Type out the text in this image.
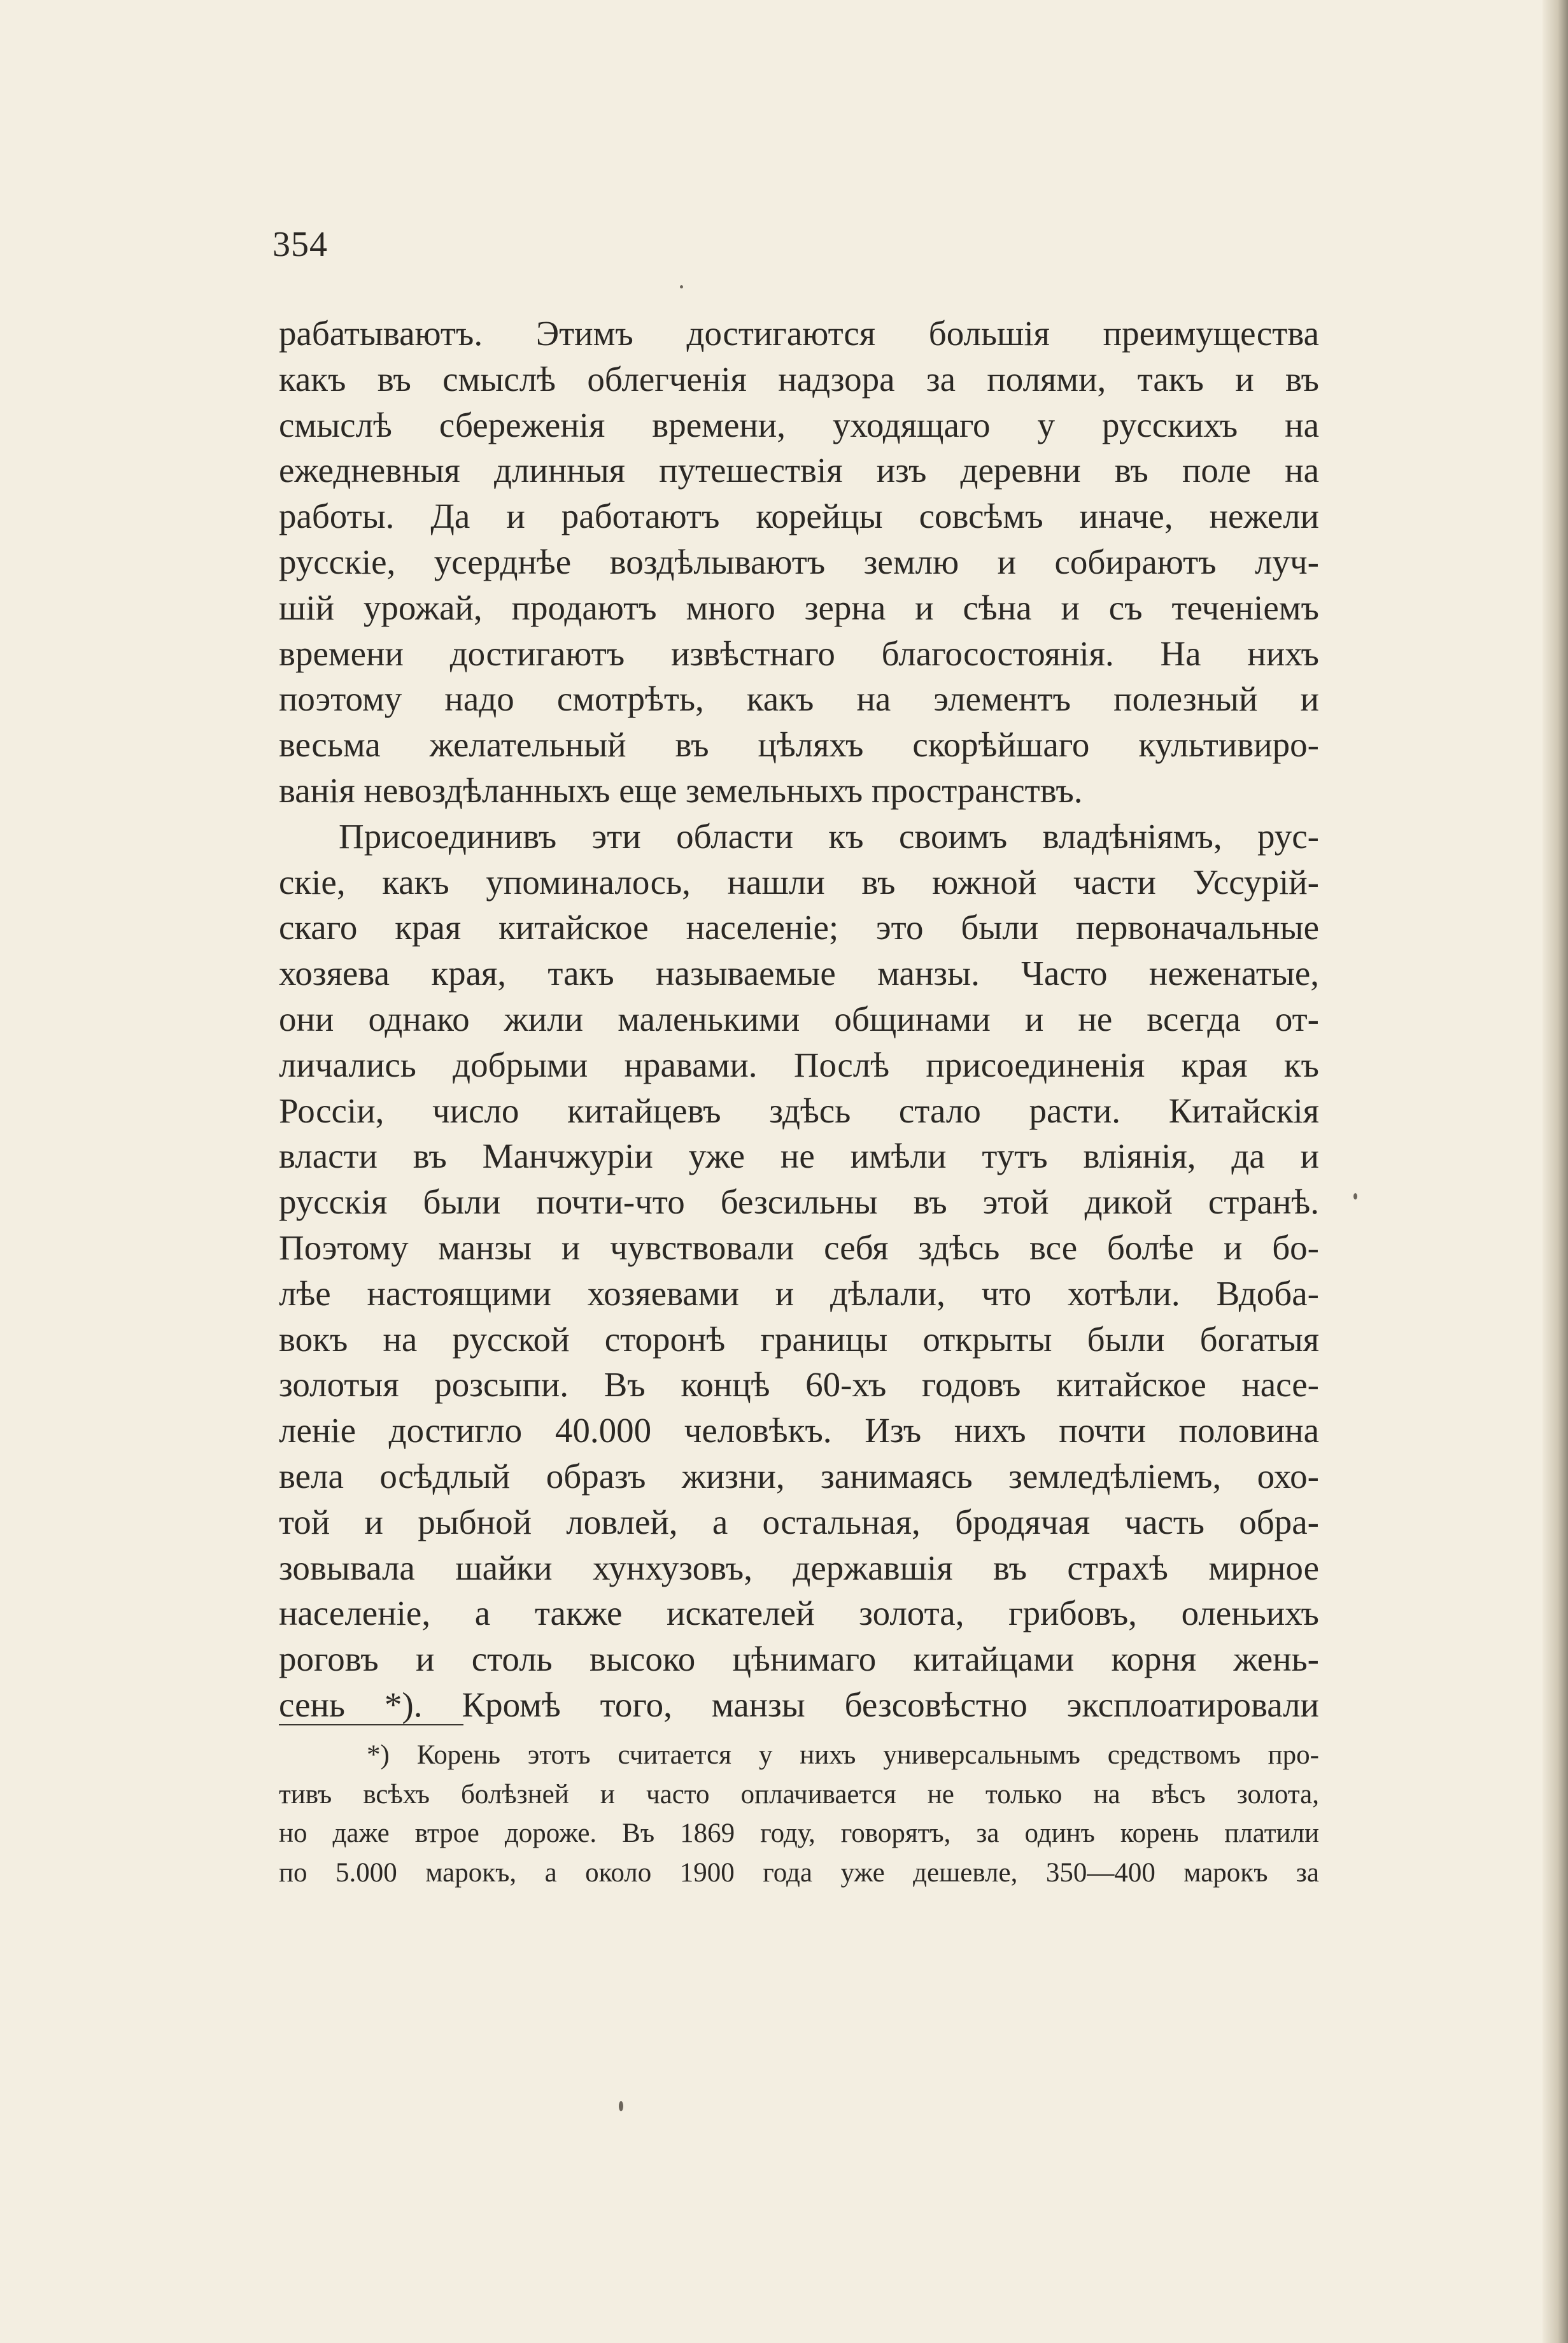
354
рабатываютъ. Этимъ достигаются большія преимущества
какъ въ смыслѣ облегченія надзора за полями, такъ и въ
смыслѣ сбереженія времени, уходящаго у русскихъ на
ежедневныя длинныя путешествія изъ деревни въ поле на
работы. Да и работаютъ корейцы совсѣмъ иначе, нежели
русскіе, усерднѣе воздѣлываютъ землю и собираютъ луч-
шій урожай, продаютъ много зерна и сѣна и съ теченіемъ
времени достигаютъ извѣстнаго благосостоянія. На нихъ
поэтому надо смотрѣть, какъ на элементъ полезный и
весьма желательный въ цѣляхъ скорѣйшаго культивиро-
ванія невоздѣланныхъ еще земельныхъ пространствъ.
Присоединивъ эти области къ своимъ владѣніямъ, рус-
скіе, какъ упоминалось, нашли въ южной части Уссурій-
скаго края китайское населеніе; это были первоначальные
хозяева края, такъ называемые манзы. Часто неженатые,
они однако жили маленькими общинами и не всегда от-
личались добрыми нравами. Послѣ присоединенія края къ
Россіи, число китайцевъ здѣсь стало расти. Китайскія
власти въ Манчжуріи уже не имѣли тутъ вліянія, да и
русскія были почти-что безсильны въ этой дикой странѣ.
Поэтому манзы и чувствовали себя здѣсь все болѣе и бо-
лѣе настоящими хозяевами и дѣлали, что хотѣли. Вдоба-
вокъ на русской сторонѣ границы открыты были богатыя
золотыя розсыпи. Въ концѣ 60-хъ годовъ китайское насе-
леніе достигло 40.000 человѣкъ. Изъ нихъ почти половина
вела осѣдлый образъ жизни, занимаясь земледѣліемъ, охо-
той и рыбной ловлей, а остальная, бродячая часть обра-
зовывала шайки хунхузовъ, державшія въ страхѣ мирное
населеніе, а также искателей золота, грибовъ, оленьихъ
роговъ и столь высоко цѣнимаго китайцами корня жень-
сень *). Кромѣ того, манзы безсовѣстно эксплоатировали
*) Корень этотъ считается у нихъ универсальнымъ средствомъ про-
тивъ всѣхъ болѣзней и часто оплачивается не только на вѣсъ золота,
но даже втрое дороже. Въ 1869 году, говорятъ, за одинъ корень платили
по 5.000 марокъ, а около 1900 года уже дешевле, 350—400 марокъ за
